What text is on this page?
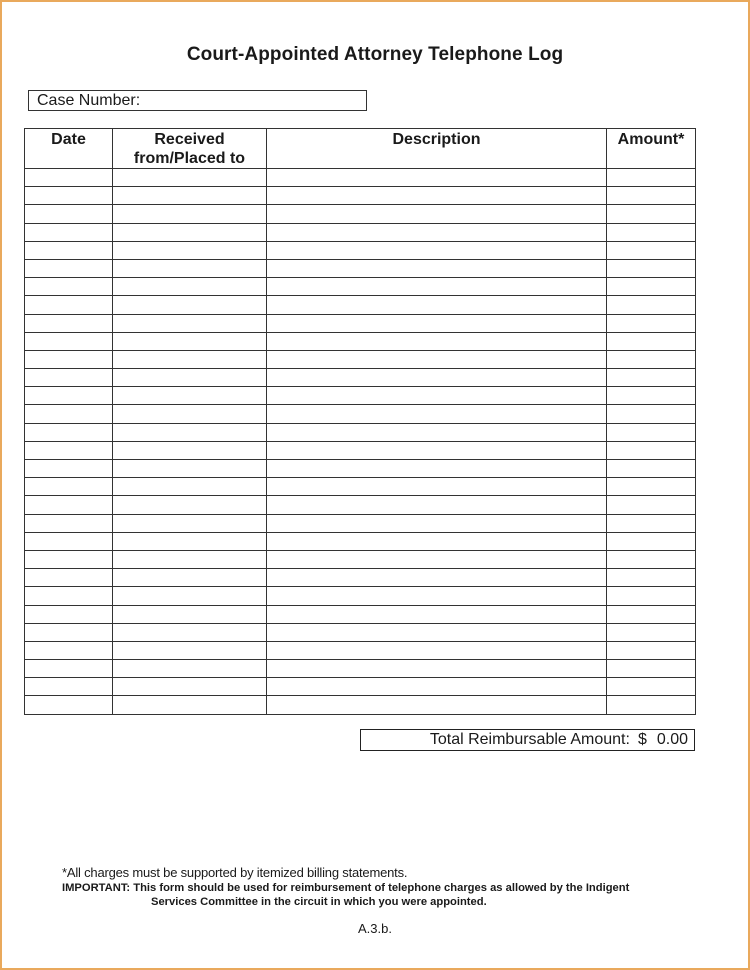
Court-Appointed Attorney Telephone Log
Case Number:
Date	Received from/Placed to	Description	Amount*

Total Reimbursable Amount: $ 0.00
*All charges must be supported by itemized billing statements.
IMPORTANT: This form should be used for reimbursement of telephone charges as allowed by the Indigent
Services Committee in the circuit in which you were appointed.
A.3.b.
